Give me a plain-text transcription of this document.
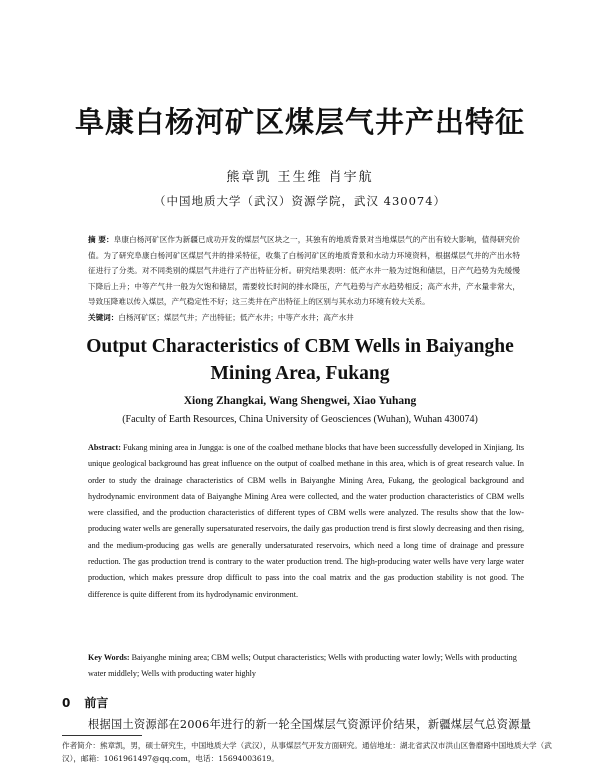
阜康白杨河矿区煤层气井产出特征
熊章凯 王生维 肖宇航
（中国地质大学（武汉）资源学院，武汉 430074）
摘 要：阜康白杨河矿区作为新疆已成功开发的煤层气区块之一，其独有的地质背景对当地煤层气的产出有较大影响，值得研究价值。为了研究阜康白杨河矿区煤层气井的排采特征，收集了白杨河矿区的地质背景和水动力环境资料，根据煤层气井的产出水特征进行了分类。对不同类别的煤层气井进行了产出特征分析。研究结果表明：低产水井一般为过饱和储层，日产气趋势为先缓慢下降后上升；中等产气井一般为欠饱和储层，需要较长时间的排水降压，产气趋势与产水趋势相反；高产水井，产水量非常大，导致压降难以传入煤层，产气稳定性不好；这三类井在产出特征上的区别与其水动力环境有较大关系。
关键词：白杨河矿区；煤层气井；产出特征；低产水井；中等产水井；高产水井
Output Characteristics of CBM Wells in Baiyanghe Mining Area, Fukang
Xiong Zhangkai, Wang Shengwei, Xiao Yuhang
(Faculty of Earth Resources, China University of Geosciences (Wuhan), Wuhan 430074)
Abstract: Fukang mining area in Jungga: is one of the coalbed methane blocks that have been successfully developed in Xinjiang. Its unique geological background has great influence on the output of coalbed methane in this area, which is of great research value. In order to study the drainage characteristics of CBM wells in Baiyanghe Mining Area, Fukang, the geological background and hydrodynamic environment data of Baiyanghe Mining Area were collected, and the water production characteristics of CBM wells were classified, and the production characteristics of different types of CBM wells were analyzed. The results show that the low-producing water wells are generally supersaturated reservoirs, the daily gas production trend is first slowly decreasing and then rising, and the medium-producing gas wells are generally undersaturated reservoirs, which need a long time of drainage and pressure reduction. The gas production trend is contrary to the water production trend. The high-producing water wells have very large water production, which makes pressure drop difficult to pass into the coal matrix and the gas production stability is not good. The difference is quite different from its hydrodynamic environment.
Key Words: Baiyanghe mining area; CBM wells; Output characteristics; Wells with producting water lowly; Wells with producting water middlely; Wells with producting water highly
0 前言
根据国土资源部在2006年进行的新一轮全国煤层气资源评价结果，新疆煤层气总资源量
作者简介：熊章凯，男，硕士研究生，中国地质大学（武汉），从事煤层气开发方面研究。通信地址：湖北省武汉市洪山区鲁磨路中国地质大学（武汉），邮箱：1061961497@qq.com，电话：15694003619。
